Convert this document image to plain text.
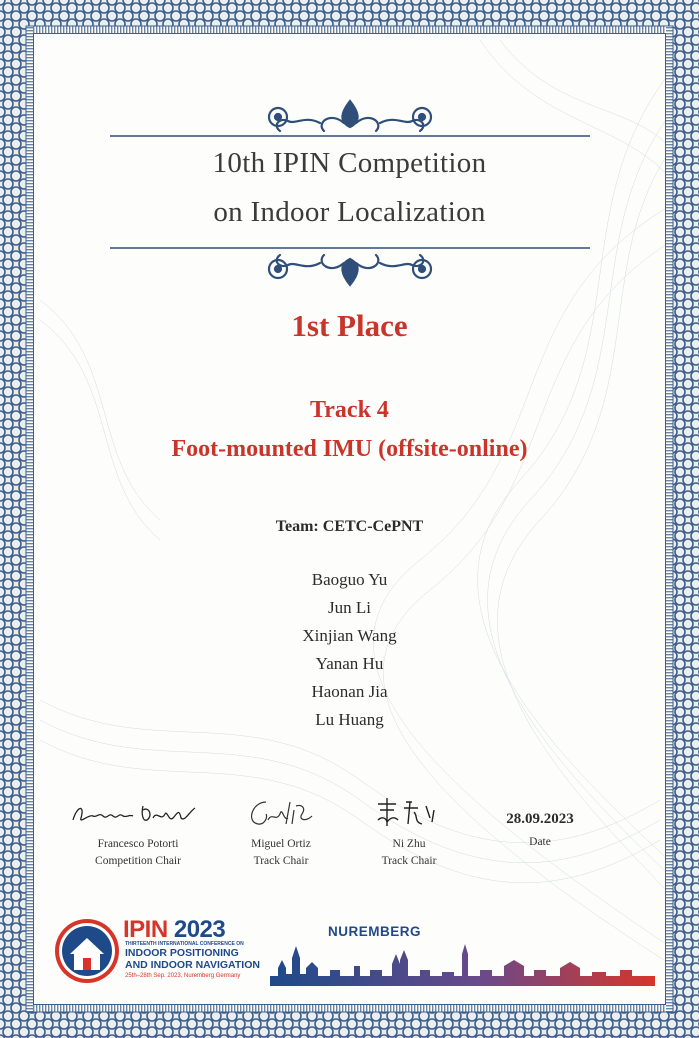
10th IPIN Competition
on Indoor Localization
1st Place
Track 4
Foot-mounted IMU (offsite-online)
Team: CETC-CePNT
Baoguo Yu
Jun Li
Xinjian Wang
Yanan Hu
Haonan Jia
Lu Huang
Francesco Potorti
Competition Chair
Miguel Ortiz
Track Chair
Ni Zhu
Track Chair
28.09.2023
Date
IPIN 2023
THIRTEENTH INTERNATIONAL CONFERENCE ON
INDOOR POSITIONING
AND INDOOR NAVIGATION
25th–28th Sep. 2023, Nuremberg Germany
NUREMBERG
